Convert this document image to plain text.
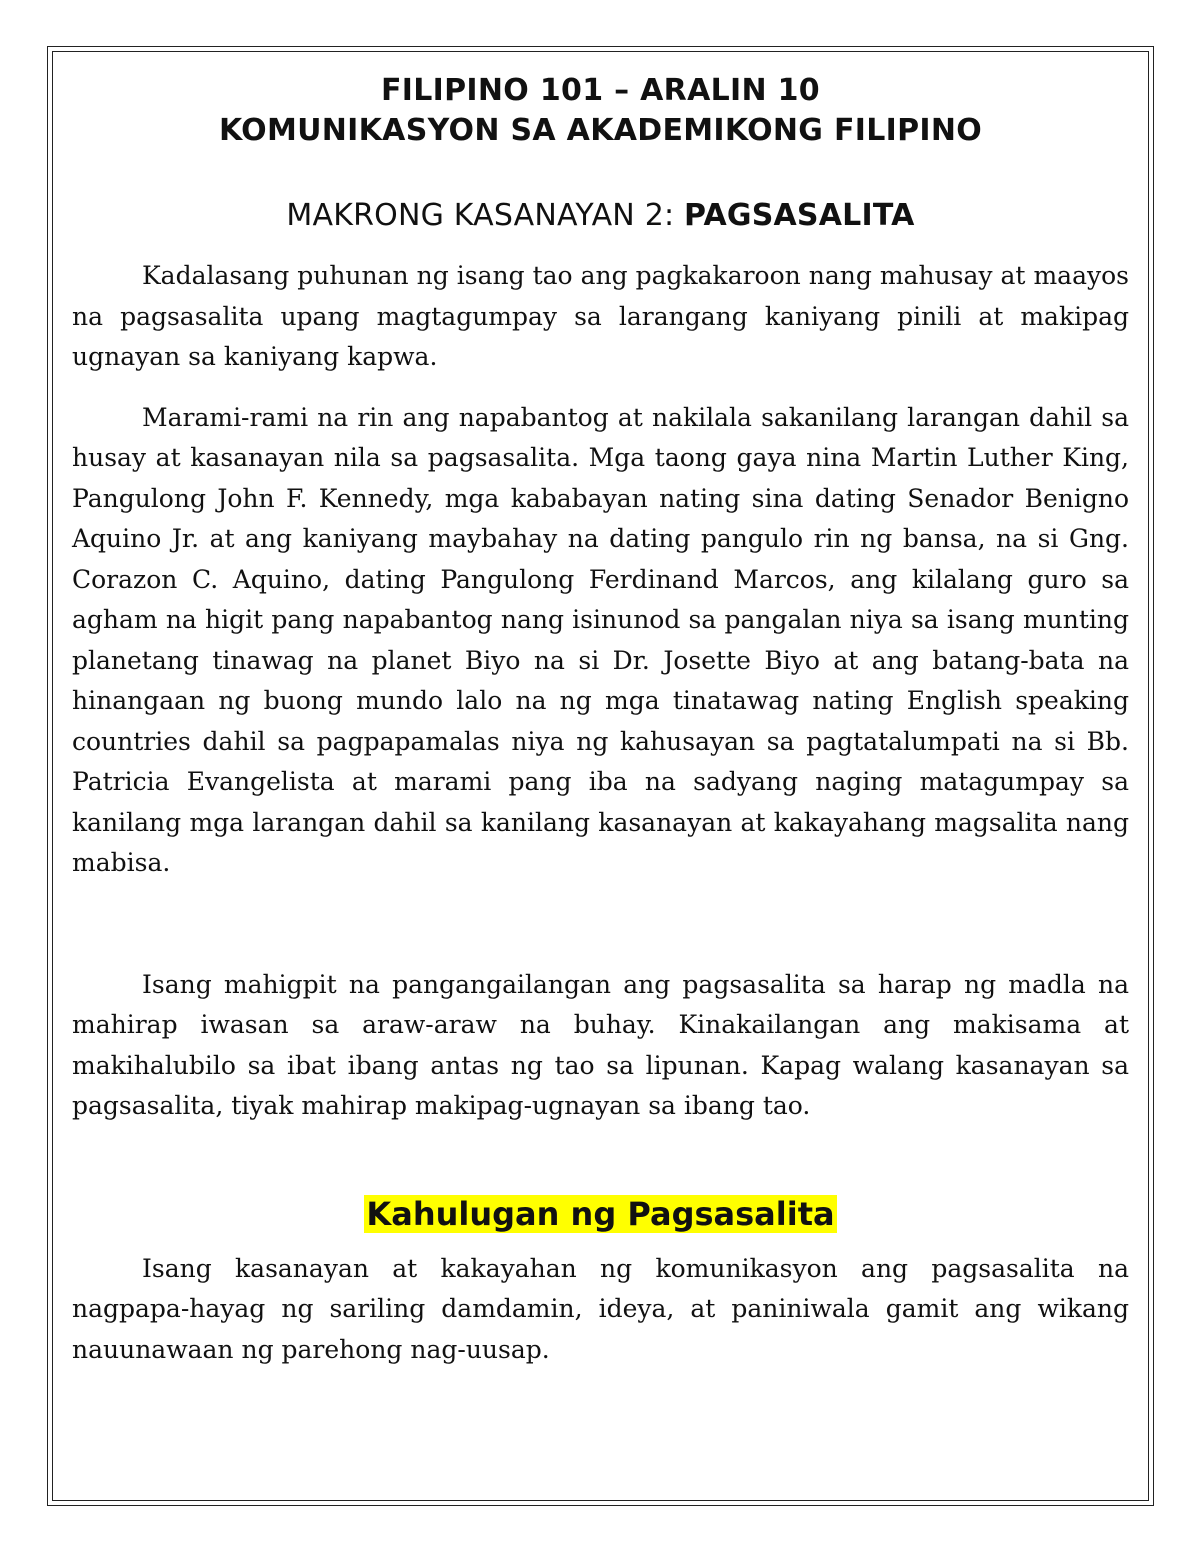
FILIPINO 101 – ARALIN 10
KOMUNIKASYON SA AKADEMIKONG FILIPINO
MAKRONG KASANAYAN 2: PAGSASALITA

Kadalasang puhunan ng isang tao ang pagkakaroon nang mahusay at maayos na pagsasalita upang magtagumpay sa larangang kaniyang pinili at makipag ugnayan sa kaniyang kapwa.

Marami-rami na rin ang napabantog at nakilala sakanilang larangan dahil sa husay at kasanayan nila sa pagsasalita. Mga taong gaya nina Martin Luther King, Pangulong John F. Kennedy, mga kababayan nating sina dating Senador Benigno Aquino Jr. at ang kaniyang maybahay na dating pangulo rin ng bansa, na si Gng. Corazon C. Aquino, dating Pangulong Ferdinand Marcos, ang kilalang guro sa agham na higit pang napabantog nang isinunod sa pangalan niya sa isang munting planetang tinawag na planet Biyo na si Dr. Josette Biyo at ang batang-bata na hinangaan ng buong mundo lalo na ng mga tinatawag nating English speaking countries dahil sa pagpapamalas niya ng kahusayan sa pagtatalumpati na si Bb. Patricia Evangelista at marami pang iba na sadyang naging matagumpay sa kanilang mga larangan dahil sa kanilang kasanayan at kakayahang magsalita nang mabisa.

Isang mahigpit na pangangailangan ang pagsasalita sa harap ng madla na mahirap iwasan sa araw-araw na buhay. Kinakailangan ang makisama at makihalubilo sa ibat ibang antas ng tao sa lipunan. Kapag walang kasanayan sa pagsasalita, tiyak mahirap makipag-ugnayan sa ibang tao.

Kahulugan ng Pagsasalita

Isang kasanayan at kakayahan ng komunikasyon ang pagsasalita na nagpapa-hayag ng sariling damdamin, ideya, at paniniwala gamit ang wikang nauunawaan ng parehong nag-uusap.
